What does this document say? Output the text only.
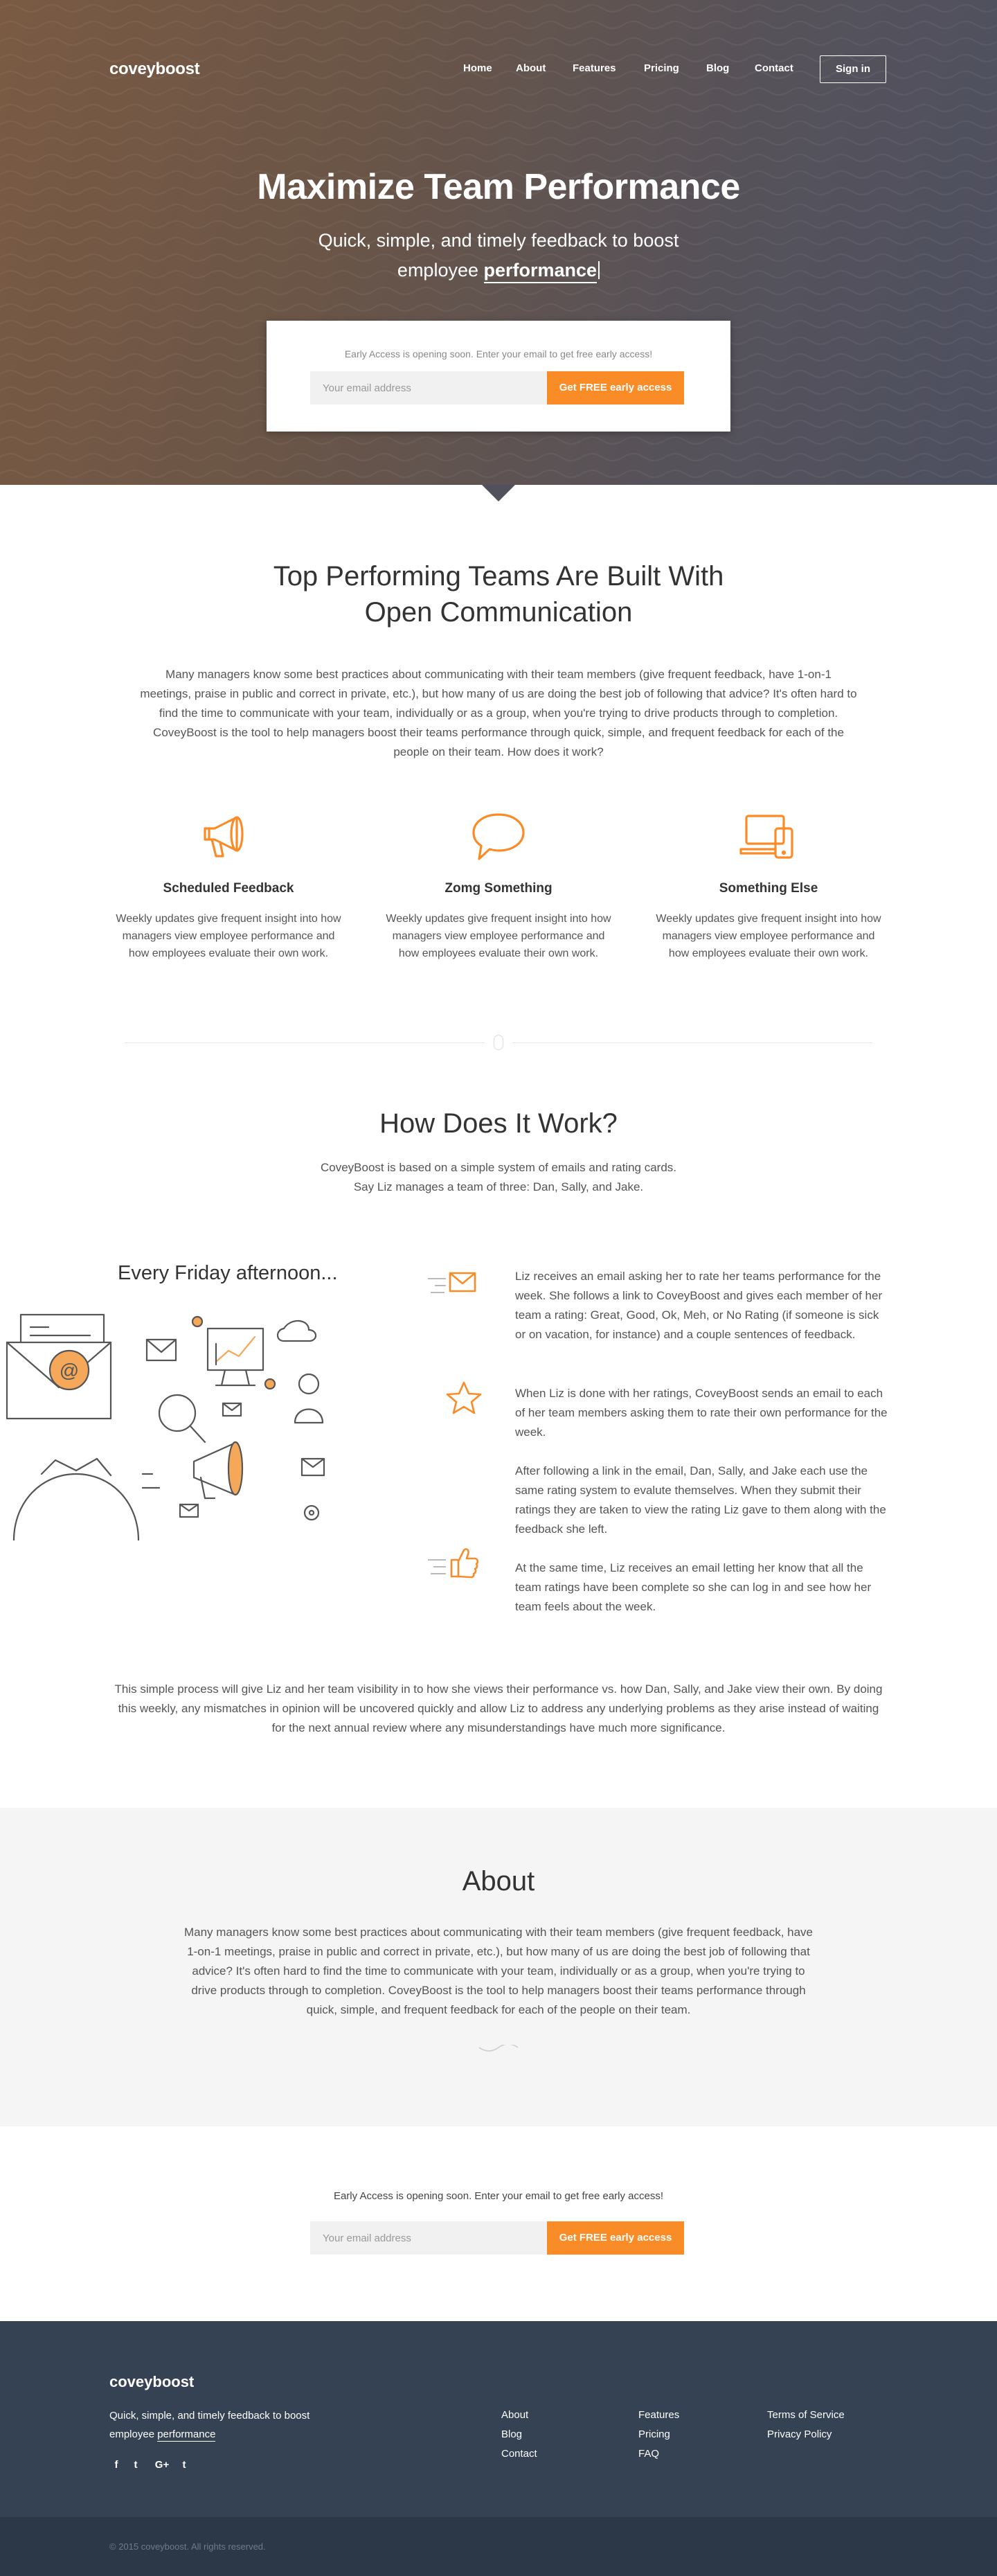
coveyboost	Home About	Features	Pricing	Blog Contact	Sign in
Maximize Team Performance
Quick, simple, and timely feedback to boost employee performance
Early Access is opening soon. Enter your email to get free early access!
Your email address
Get FREE early access
Top Performing Teams Are Built With
Open Communication

Many managers know some best practices about communicating with their team members (give frequent feedback, have 1-on-1 meetings, praise in public and correct in private, etc.), but how many of us are doing the best job of following that advice? It's often hard to find the time to communicate with your team, individually or as a group, when you're trying to drive products through to completion. CoveyBoost is the tool to help managers boost their teams performance through quick, simple, and frequent feedback for each of the people on their team. How does it work?

Scheduled Feedback

Weekly updates give frequent insight into how managers view employee performance and how employees evaluate their own work.

Zomg Something

Weekly updates give frequent insight into how managers view employee performance and how employees evaluate their own work.

Something Else

Weekly updates give frequent insight into how managers view employee performance and how employees evaluate their own work.

How Does It Work?
CoveyBoost is based on a simple system of emails and rating cards.
Say Liz manages a team of three: Dan, Sally, and Jake.
Every Friday afternoon...
@
Liz receives an email asking her to rate her teams performance for the week. She follows a link to CoveyBoost and gives each member of her team a rating: Great, Good, Ok, Meh, or No Rating (if someone is sick or on vacation, for instance) and a couple sentences of feedback.
When Liz is done with her ratings, CoveyBoost sends an email to each of her team members asking them to rate their own performance for the week.
After following a link in the email, Dan, Sally, and Jake each use the same rating system to evalute themselves. When they submit their ratings they are taken to view the rating Liz gave to them along with the feedback she left.
At the same time, Liz receives an email letting her know that all the team ratings have been complete so she can log in and see how her team feels about the week.

This simple process will give Liz and her team visibility in to how she views their performance vs. how Dan, Sally, and Jake view their own. By doing this weekly, any mismatches in opinion will be uncovered quickly and allow Liz to address any underlying problems as they arise instead of waiting for the next annual review where any misunderstandings have much more significance.

About

Many managers know some best practices about communicating with their team members (give frequent feedback, have 1-on-1 meetings, praise in public and correct in private, etc.), but how many of us are doing the best job of following that advice? It's often hard to find the time to communicate with your team, individually or as a group, when you're trying to drive products through to completion. CoveyBoost is the tool to help managers boost their teams performance through quick, simple, and frequent feedback for each of the people on their team.

Early Access is opening soon. Enter your email to get free early access!
Your email address
Get FREE early access
coveyboost
Quick, simple, and timely feedback to boost employee performance
f	t	G+	t
About
Blog
Contact
Features
Pricing
FAQ
Terms of Service
Privacy Policy
© 2015 coveyboost. All rights reserved.
